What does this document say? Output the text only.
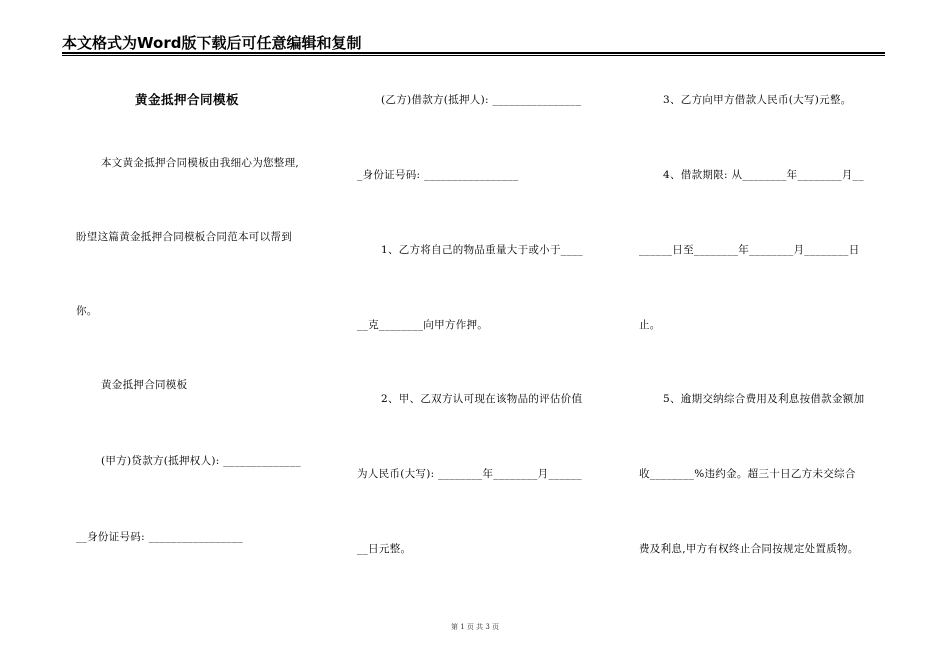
本文格式为Word版下载后可任意编辑和复制
黄金抵押合同模板
本文黄金抵押合同模板由我细心为您整理,
盼望这篇黄金抵押合同模板合同范本可以帮到
你。
黄金抵押合同模板
(甲方)贷款方(抵押权人): ______________
__身份证号码: _________________
(乙方)借款方(抵押人): ________________
_身份证号码: _________________
1、乙方将自己的物品重量大于或小于____
__克________向甲方作押。
2、甲、乙双方认可现在该物品的评估价值
为人民币(大写): ________年________月______
__日元整。
3、乙方向甲方借款人民币(大写)元整。
4、借款期限: 从________年________月__
______日至________年________月________日
止。
5、逾期交纳综合费用及利息按借款金额加
收________%违约金。超三十日乙方未交综合
费及利息,甲方有权终止合同按规定处置质物。
第 1 页 共 3 页
